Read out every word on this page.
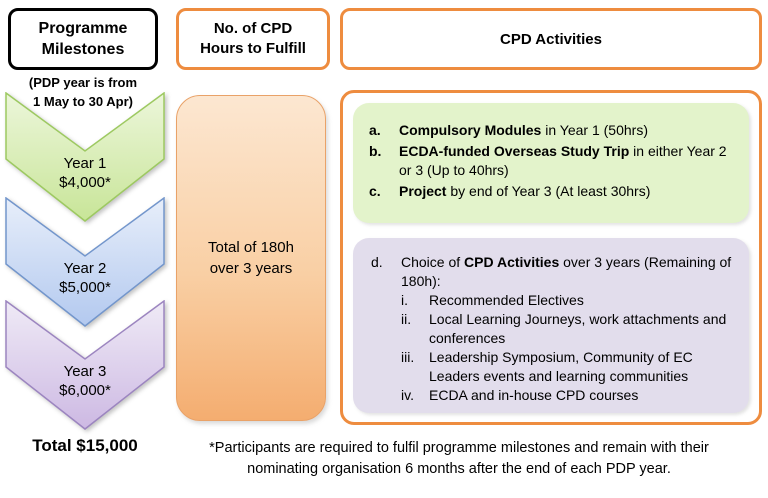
Programme
Milestones
(PDP year is from
1 May to 30 Apr)
Year 1
$4,000*
Year 2
$5,000*
Year 3
$6,000*
Total $15,000
No. of CPD
Hours to Fulfill
Total of 180h
over 3 years
CPD Activities
a.	Compulsory Modules in Year 1 (50hrs)
b.	ECDA-funded Overseas Study Trip in either Year 2 or 3 (Up to 40hrs)
c.	Project by end of Year 3 (At least 30hrs)
d.	Choice of CPD Activities over 3 years (Remaining of 180h):
i.	Recommended Electives
ii.	Local Learning Journeys, work attachments and conferences
iii.	Leadership Symposium, Community of EC Leaders events and learning communities
iv.	ECDA and in-house CPD courses
*Participants are required to fulfil programme milestones and remain with their
nominating organisation 6 months after the end of each PDP year.
